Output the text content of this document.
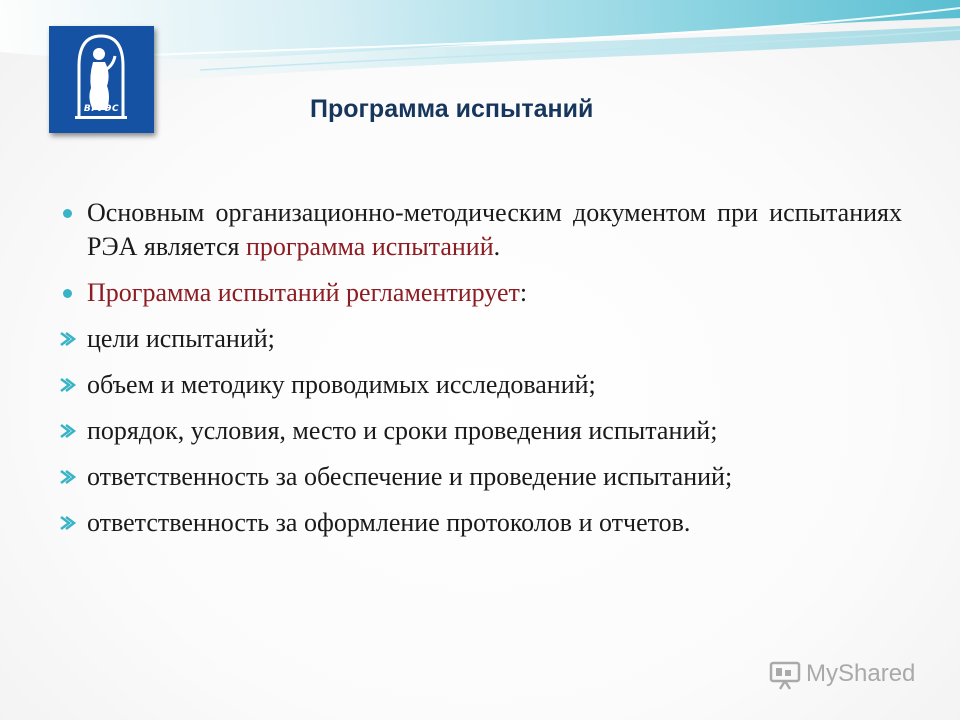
ВГУЭС	Программа испытаний
Основным организационно-методическим документом при испытаниях РЭА является программа испытаний.
Программа испытаний регламентирует:
цели испытаний;
объем и методику проводимых исследований;
порядок, условия, место и сроки проведения испытаний;
ответственность за обеспечение и проведение испытаний;
ответственность за оформление протоколов и отчетов.
MyShared
